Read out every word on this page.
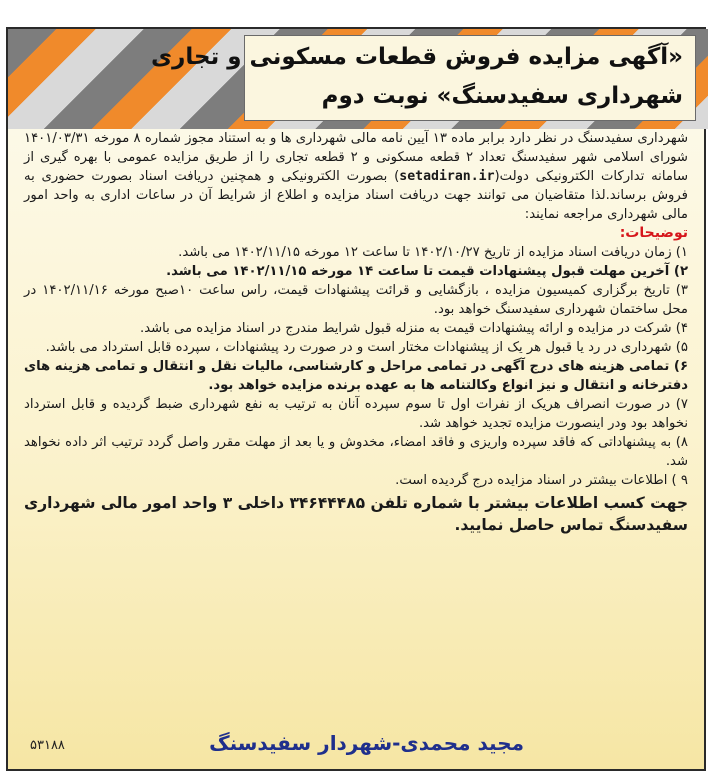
«آگهی مزایده فروش قطعات مسکونی و تجاری
شهرداری سفیدسنگ» نوبت دوم

شهرداری سفیدسنگ در نظر دارد برابر ماده ۱۳ آیین نامه مالی شهرداری ها و به استناد مجوز شماره ۸ مورخه ۱۴۰۱/۰۳/۳۱ شورای اسلامی شهر سفیدسنگ تعداد ۲ قطعه مسکونی و ۲ قطعه تجاری را از طریق مزایده عمومی با بهره گیری از سامانه تدارکات الکترونیکی دولت(setadiran.ir) بصورت الکترونیکی و همچنین دریافت اسناد بصورت حضوری به فروش برساند.لذا متقاضیان می توانند جهت دریافت اسناد مزایده و اطلاع از شرایط آن در ساعات اداری به واحد امور مالی شهرداری مراجعه نمایند:

توضیحات:

۱) زمان دریافت اسناد مزایده از تاریخ ۱۴۰۲/۱۰/۲۷ تا ساعت ۱۲ مورخه ۱۴۰۲/۱۱/۱۵ می باشد.

۲) آخرین مهلت قبول پیشنهادات قیمت تا ساعت ۱۴ مورخه ۱۴۰۲/۱۱/۱۵ می باشد.

۳) تاریخ برگزاری کمیسیون مزایده ، بازگشایی و قرائت پیشنهادات قیمت، راس ساعت ۱۰صبح مورخه ۱۴۰۲/۱۱/۱۶ در محل ساختمان شهرداری سفیدسنگ خواهد بود.

۴) شرکت در مزایده و ارائه پیشنهادات قیمت به منزله قبول شرایط مندرج در اسناد مزایده می باشد.

۵) شهرداری در رد یا قبول هر یک از پیشنهادات مختار است و در صورت رد پیشنهادات ، سپرده قابل استرداد می باشد.

۶) تمامی هزینه های درج آگهی در تمامی مراحل و کارشناسی، مالیات نقل و انتقال و تمامی هزینه های دفترخانه و انتقال و نیز انواع وکالتنامه ها به عهده برنده مزایده خواهد بود.

۷) در صورت انصراف هریک از نفرات اول تا سوم سپرده آنان به ترتیب به نفع شهرداری ضبط گردیده و قابل استرداد نخواهد بود ودر اینصورت مزایده تجدید خواهد شد.

۸) به پیشنهاداتی که فاقد سپرده واریزی و فاقد امضاء، مخدوش و یا بعد از مهلت مقرر واصل گردد ترتیب اثر داده نخواهد شد.

۹ ) اطلاعات بیشتر در اسناد مزایده درج گردیده است.

جهت کسب اطلاعات بیشتر با شماره تلفن ۳۴۶۴۴۴۸۵ داخلی ۳ واحد امور مالی شهرداری سفیدسنگ تماس حاصل نمایید.

مجید محمدی-شهردار سفیدسنگ
۵۳۱۸۸
